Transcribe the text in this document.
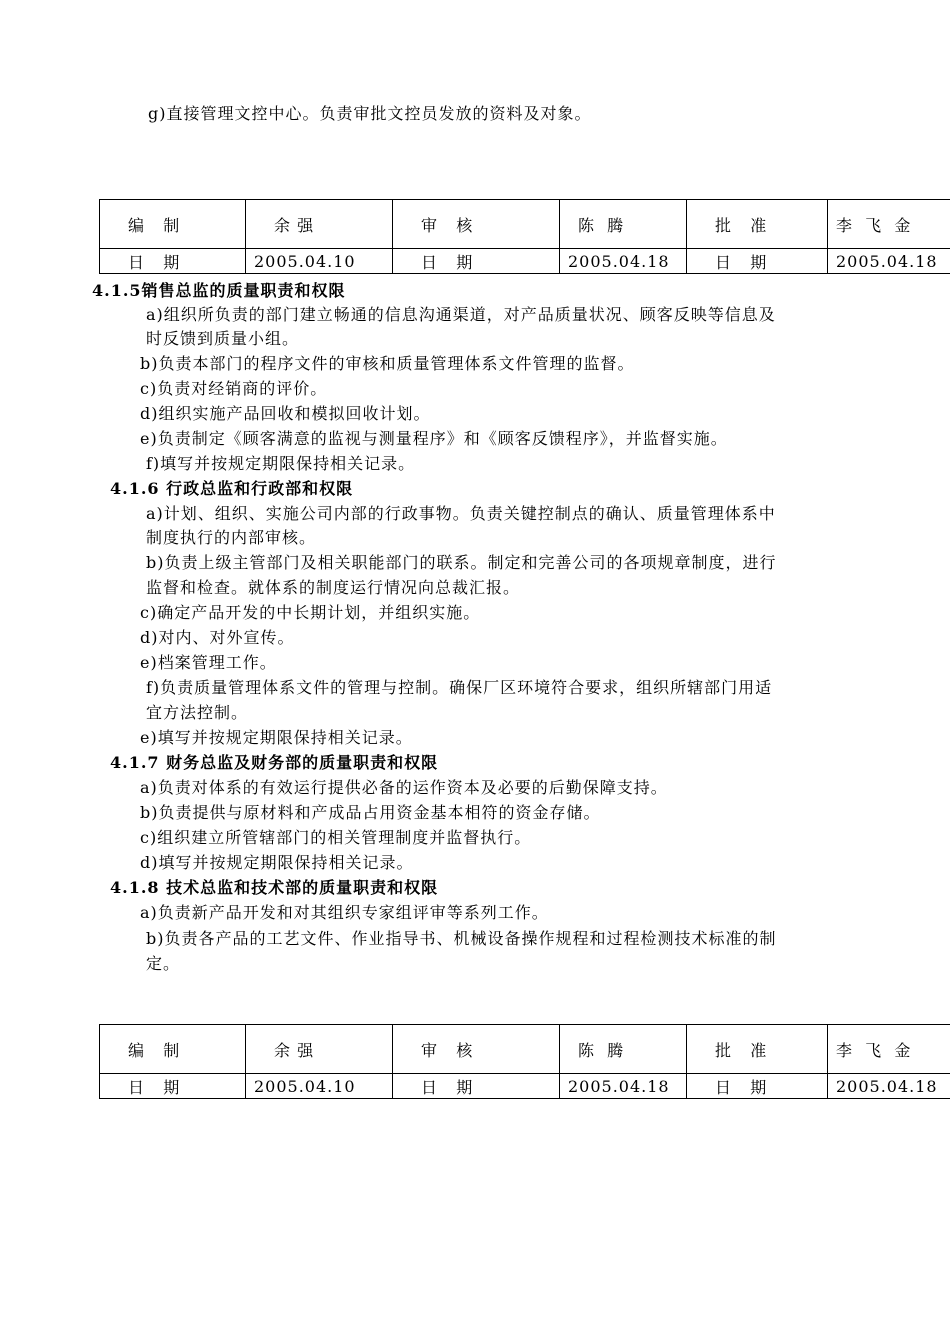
g)直接管理文控中心。负责审批文控员发放的资料及对象。
编   制	余 强	审   核	陈  腾	批   准	李  飞  金
日   期	2005.04.10	日   期	2005.04.18	日   期	2005.04.18
4.1.5销售总监的质量职责和权限
a)组织所负责的部门建立畅通的信息沟通渠道，对产品质量状况、顾客反映等信息及
时反馈到质量小组。
b)负责本部门的程序文件的审核和质量管理体系文件管理的监督。
c)负责对经销商的评价。
d)组织实施产品回收和模拟回收计划。
e)负责制定《顾客满意的监视与测量程序》和《顾客反馈程序》，并监督实施。
f)填写并按规定期限保持相关记录。
4.1.6 行政总监和行政部和权限
a)计划、组织、实施公司内部的行政事物。负责关键控制点的确认、质量管理体系中
制度执行的内部审核。
b)负责上级主管部门及相关职能部门的联系。制定和完善公司的各项规章制度，进行
监督和检查。就体系的制度运行情况向总裁汇报。
c)确定产品开发的中长期计划，并组织实施。
d)对内、对外宣传。
e)档案管理工作。
f)负责质量管理体系文件的管理与控制。确保厂区环境符合要求，组织所辖部门用适
宜方法控制。
e)填写并按规定期限保持相关记录。
4.1.7 财务总监及财务部的质量职责和权限
a)负责对体系的有效运行提供必备的运作资本及必要的后勤保障支持。
b)负责提供与原材料和产成品占用资金基本相符的资金存储。
c)组织建立所管辖部门的相关管理制度并监督执行。
d)填写并按规定期限保持相关记录。
4.1.8 技术总监和技术部的质量职责和权限
a)负责新产品开发和对其组织专家组评审等系列工作。
b)负责各产品的工艺文件、作业指导书、机械设备操作规程和过程检测技术标准的制
定。
编   制	余 强	审   核	陈  腾	批   准	李  飞  金
日   期	2005.04.10	日   期	2005.04.18	日   期	2005.04.18
